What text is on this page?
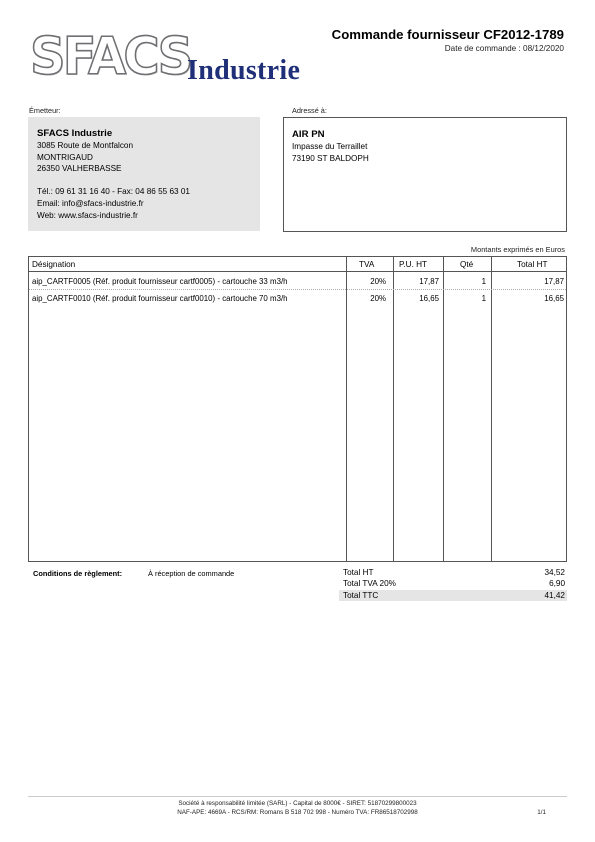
SFACS
Industrie
Commande fournisseur CF2012-1789
Date de commande : 08/12/2020
Émetteur:	Adressé à:
SFACS Industrie
3085 Route de Montfalcon
MONTRIGAUD
26350 VALHERBASSE
Tél.: 09 61 31 16 40 - Fax: 04 86 55 63 01
Email: info@sfacs-industrie.fr
Web: www.sfacs-industrie.fr
AIR PN
Impasse du Terraillet
73190 ST BALDOPH
Montants exprimés en Euros
Désignation	TVA	P.U. HT	Qté	Total HT
aip_CARTF0005 (Réf. produit fournisseur cartf0005) - cartouche 33 m3/h	20%	17,87	1	17,87
aip_CARTF0010 (Réf. produit fournisseur cartf0010) - cartouche 70 m3/h	20%	16,65	1	16,65
Conditions de règlement:	À réception de commande	Total HT	34,52
Total TVA 20%	6,90
Total TTC	41,42
Société à responsabilité limitée (SARL) - Capital de 8000€ - SIRET: 51870299800023
NAF-APE: 4669A - RCS/RM: Romans B 518 702 998 - Numéro TVA: FR86518702998	1/1
